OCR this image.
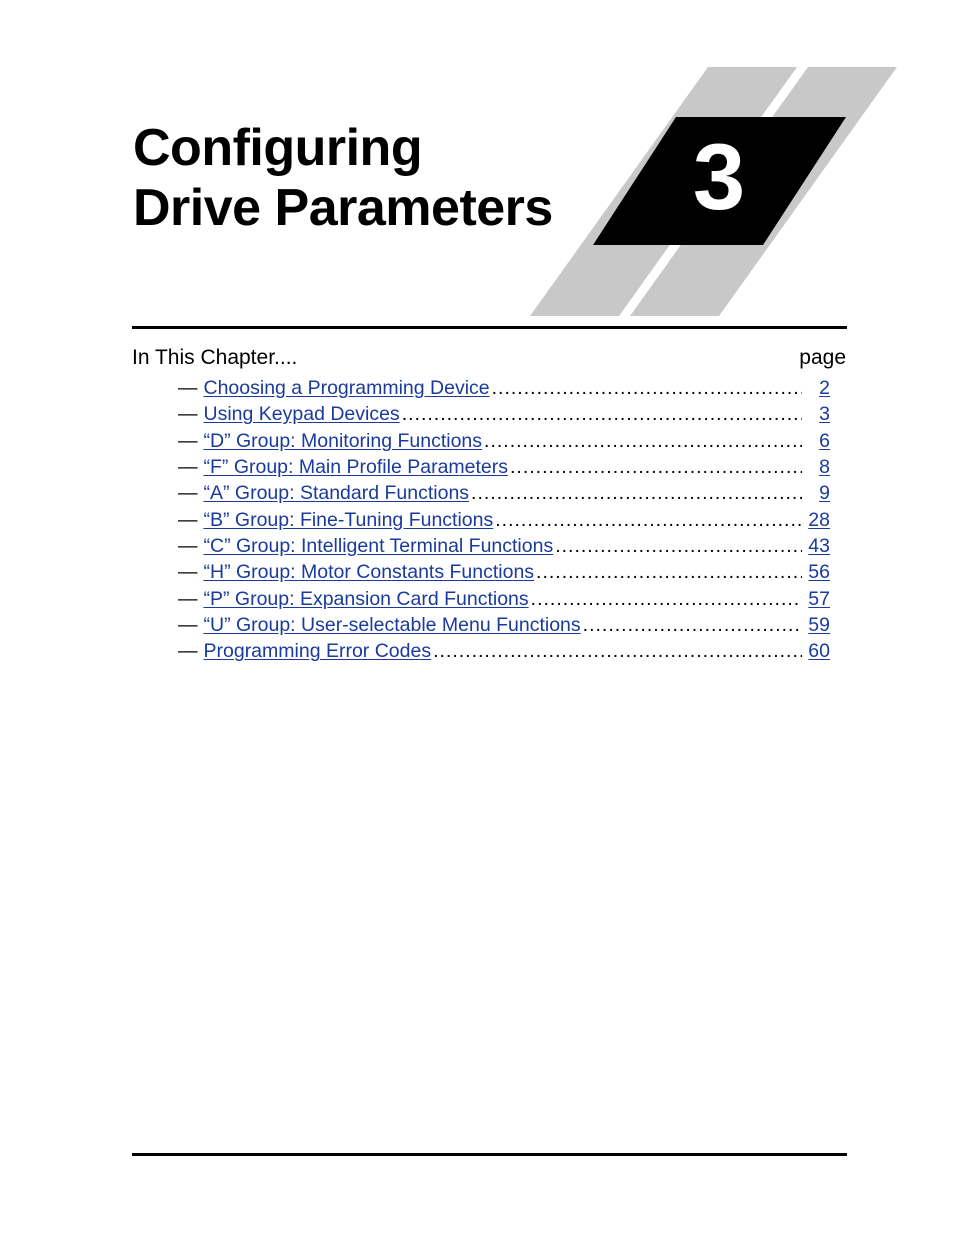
Configuring
Drive Parameters 3
In This Chapter....	page
— Choosing a Programming Device .....	2
— Using Keypad Devices .....	3
— “D” Group: Monitoring Functions .....	6
— “F” Group: Main Profile Parameters .....	8
— “A” Group: Standard Functions .....	9
— “B” Group: Fine-Tuning Functions .....	28
— “C” Group: Intelligent Terminal Functions .....	43
— “H” Group: Motor Constants Functions .....	56
— “P” Group: Expansion Card Functions .....	57
— “U” Group: User-selectable Menu Functions .....	59
— Programming Error Codes .....	60
